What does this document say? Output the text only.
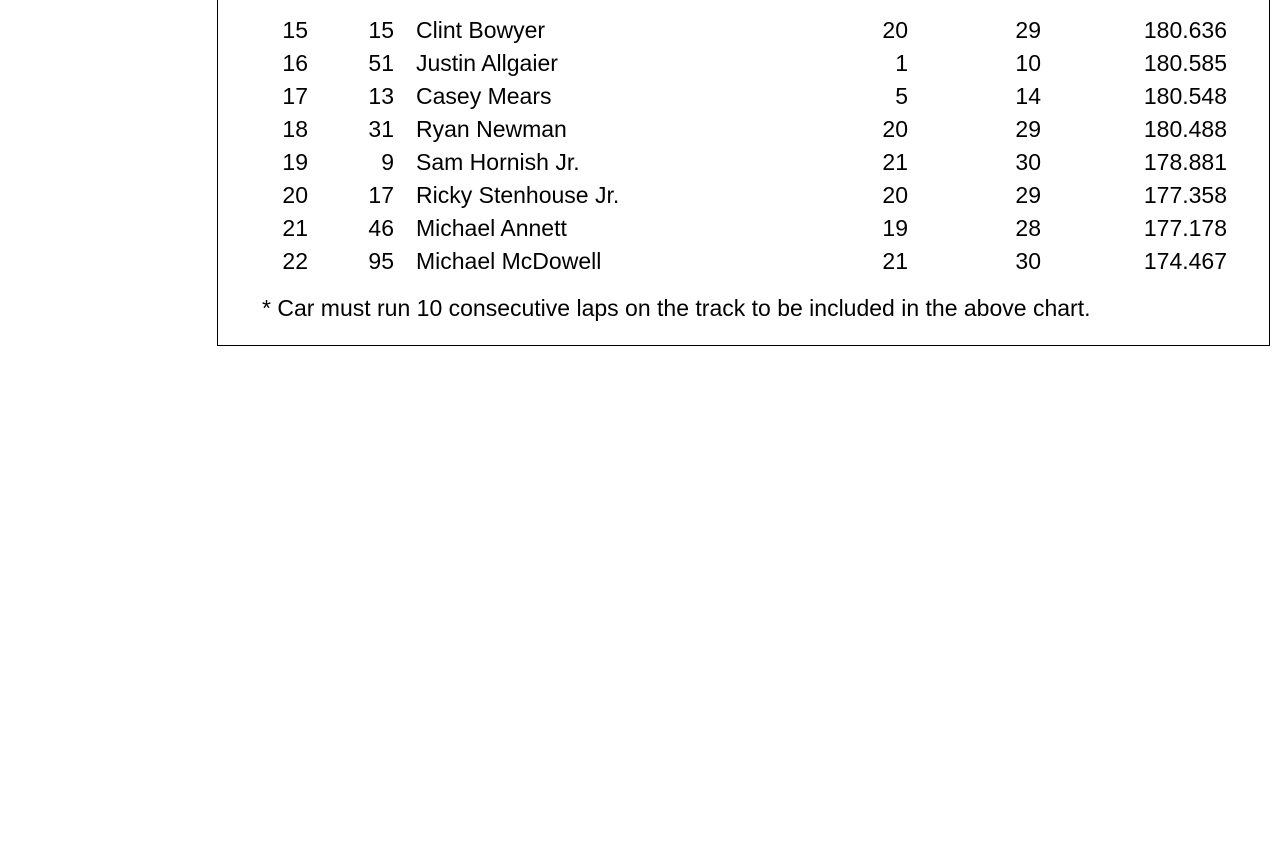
15	15 Clint Bowyer	20	29	180.636
16	51 Justin Allgaier	1	10	180.585
17	13 Casey Mears	5	14	180.548
18	31 Ryan Newman	20	29	180.488
19	9 Sam Hornish Jr.	21	30	178.881
20	17 Ricky Stenhouse Jr.	20	29	177.358
21	46 Michael Annett	19	28	177.178
22	95 Michael McDowell	21	30	174.467
* Car must run 10 consecutive laps on the track to be included in the above chart.
